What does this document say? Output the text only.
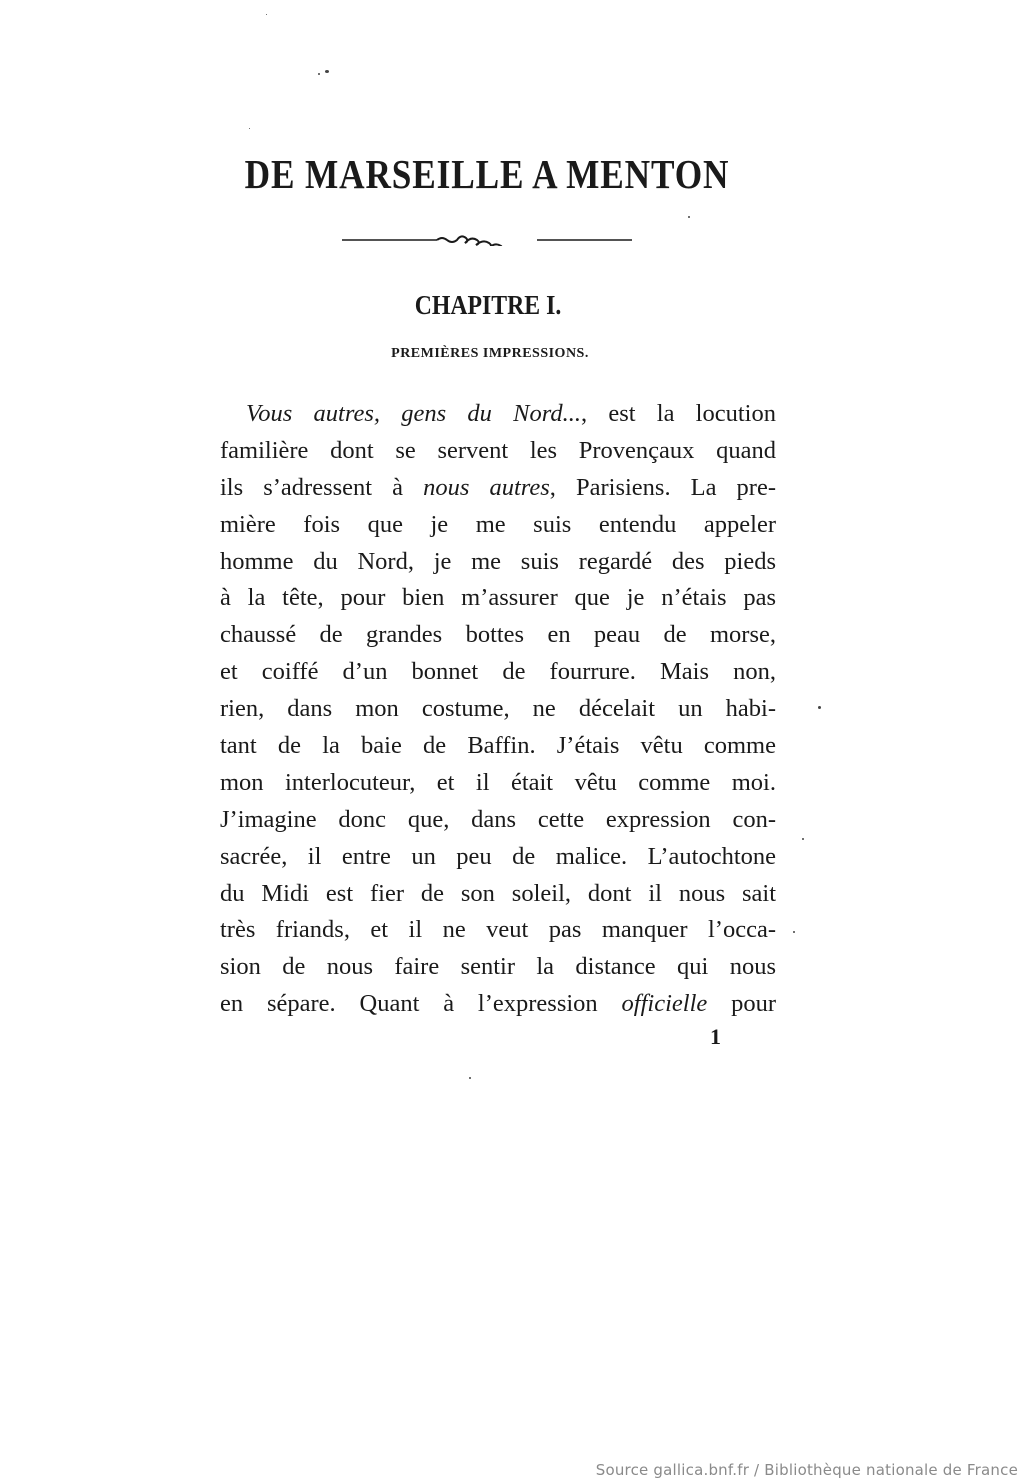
DE MARSEILLE A MENTON
CHAPITRE I.
PREMIÈRES IMPRESSIONS.
Vous autres, gens du Nord..., est la locution
familière dont se servent les Provençaux quand
ils s’adressent à nous autres, Parisiens. La pre-
mière fois que je me suis entendu appeler
homme du Nord, je me suis regardé des pieds
à la tête, pour bien m’assurer que je n’étais pas
chaussé de grandes bottes en peau de morse,
et coiffé d’un bonnet de fourrure. Mais non,
rien, dans mon costume, ne décelait un habi-
tant de la baie de Baffin. J’étais vêtu comme
mon interlocuteur, et il était vêtu comme moi.
J’imagine donc que, dans cette expression con-
sacrée, il entre un peu de malice. L’autochtone
du Midi est fier de son soleil, dont il nous sait
très friands, et il ne veut pas manquer l’occa-
sion de nous faire sentir la distance qui nous
en sépare. Quant à l’expression officielle pour
1
Source gallica.bnf.fr / Bibliothèque nationale de France
